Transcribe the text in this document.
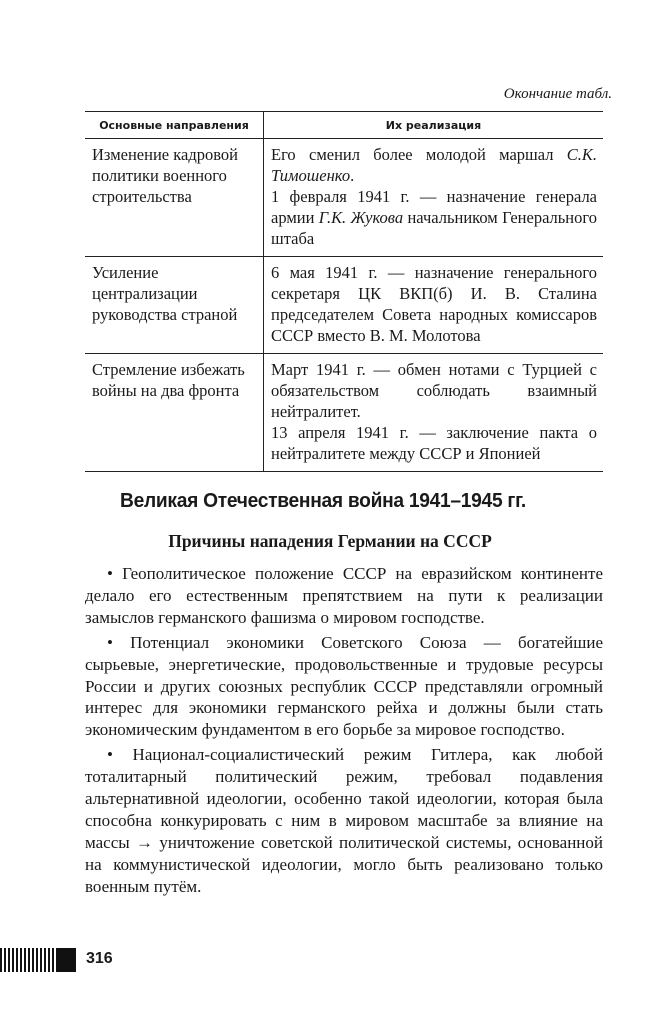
Окончание табл.
Основные направления	Их реализация
Изменение кадровой политики военного строительства	Его сменил более молодой маршал С.К. Тимошенко.
1 февраля 1941 г. — назначение генерала армии Г.К. Жукова начальником Генерального штаба

Усиление централизации руководства страной	6 мая 1941 г. — назначение генерального секретаря ЦК ВКП(б) И. В. Сталина председателем Совета народных комиссаров СССР вместо В. М. Молотова

Стремление избежать войны на два фронта	Март 1941 г. — обмен нотами с Турцией с обязательством соблюдать взаимный нейтралитет.
13 апреля 1941 г. — заключение пакта о нейтралитете между СССР и Японией
Великая Отечественная война 1941–1945 гг.
Причины нападения Германии на СССР

• Геополитическое положение СССР на евразийском континенте делало его естественным препятствием на пути к реализации замыслов германского фашизма о мировом господстве.

• Потенциал экономики Советского Союза — богатейшие сырьевые, энергетические, продовольственные и трудовые ресурсы России и других союзных республик СССР представляли огромный интерес для экономики германского рейха и должны были стать экономическим фундаментом в его борьбе за мировое господство.

• Национал-социалистический режим Гитлера, как любой тоталитарный политический режим, требовал подавления альтернативной идеологии, особенно такой идеологии, которая была способна конкурировать с ним в мировом масштабе за влияние на массы → уничтожение советской политической системы, основанной на коммунистической идеологии, могло быть реализовано только военным путём.

316
